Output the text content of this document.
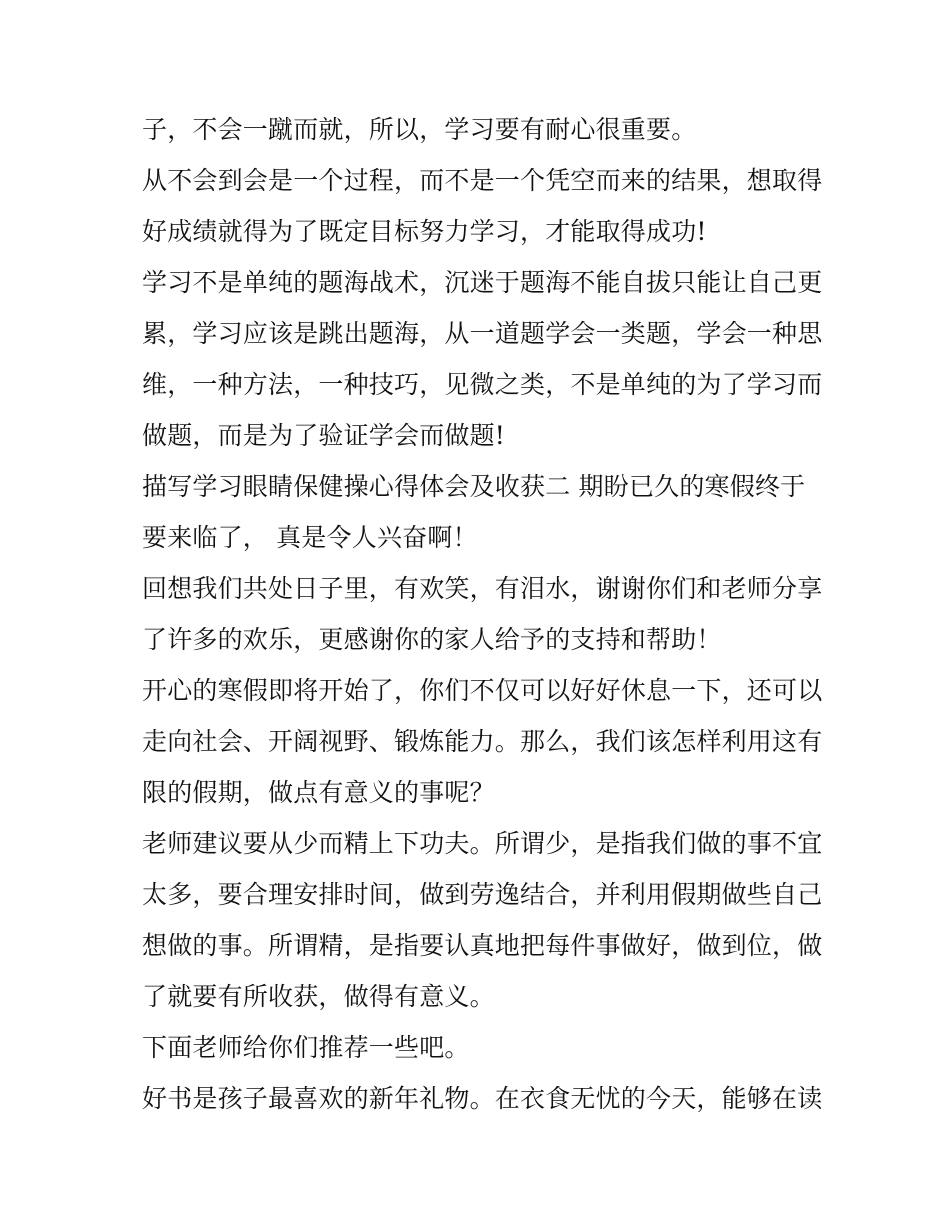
子，不会一蹴而就，所以，学习要有耐心很重要。
从不会到会是一个过程，而不是一个凭空而来的结果，想取得
好成绩就得为了既定目标努力学习，才能取得成功!
学习不是单纯的题海战术，沉迷于题海不能自拔只能让自己更
累，学习应该是跳出题海，从一道题学会一类题，学会一种思
维，一种方法，一种技巧，见微之类，不是单纯的为了学习而
做题，而是为了验证学会而做题!
描写学习眼睛保健操心得体会及收获二 期盼已久的寒假终于
要来临了， 真是令人兴奋啊！
回想我们共处日子里，有欢笑，有泪水，谢谢你们和老师分享
了许多的欢乐，更感谢你的家人给予的支持和帮助！
开心的寒假即将开始了，你们不仅可以好好休息一下，还可以
走向社会、开阔视野、锻炼能力。那么，我们该怎样利用这有
限的假期，做点有意义的事呢？
老师建议要从少而精上下功夫。所谓少，是指我们做的事不宜
太多，要合理安排时间，做到劳逸结合，并利用假期做些自己
想做的事。所谓精，是指要认真地把每件事做好，做到位，做
了就要有所收获，做得有意义。
下面老师给你们推荐一些吧。
好书是孩子最喜欢的新年礼物。在衣食无忧的今天，能够在读
